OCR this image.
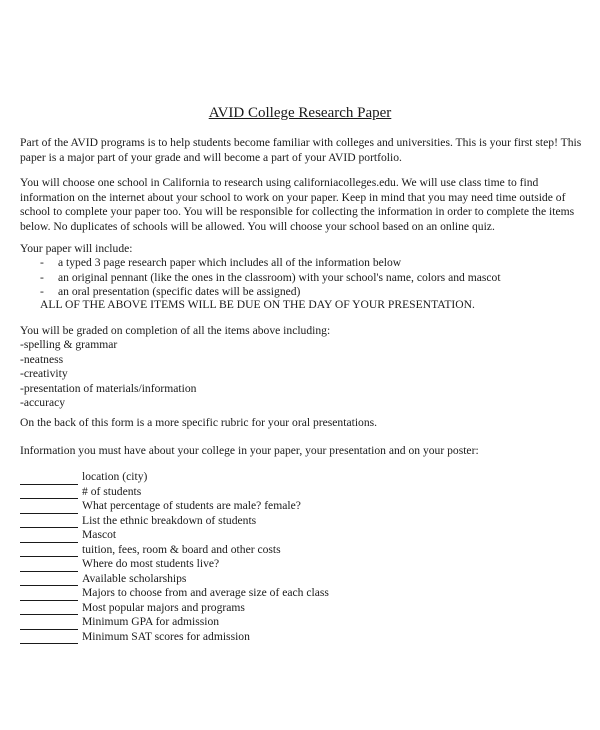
AVID College Research Paper
Part of the AVID programs is to help students become familiar with colleges and universities. This is your first step! This paper is a major part of your grade and will become a part of your AVID portfolio.
You will choose one school in California to research using californiacolleges.edu. We will use class time to find information on the internet about your school to work on your paper. Keep in mind that you may need time outside of school to complete your paper too. You will be responsible for collecting the information in order to complete the items below. No duplicates of schools will be allowed. You will choose your school based on an online quiz.
Your paper will include:
-	a typed 3 page research paper which includes all of the information below
-	an original pennant (like the ones in the classroom) with your school's name, colors and mascot
-	an oral presentation (specific dates will be assigned)
ALL OF THE ABOVE ITEMS WILL BE DUE ON THE DAY OF YOUR PRESENTATION.
You will be graded on completion of all the items above including:
-spelling & grammar
-neatness
-creativity
-presentation of materials/information
-accuracy
On the back of this form is a more specific rubric for your oral presentations.
Information you must have about your college in your paper, your presentation and on your poster:
location (city)
# of students
What percentage of students are male? female?
List the ethnic breakdown of students
Mascot
tuition, fees, room & board and other costs
Where do most students live?
Available scholarships
Majors to choose from and average size of each class
Most popular majors and programs
Minimum GPA for admission
Minimum SAT scores for admission
